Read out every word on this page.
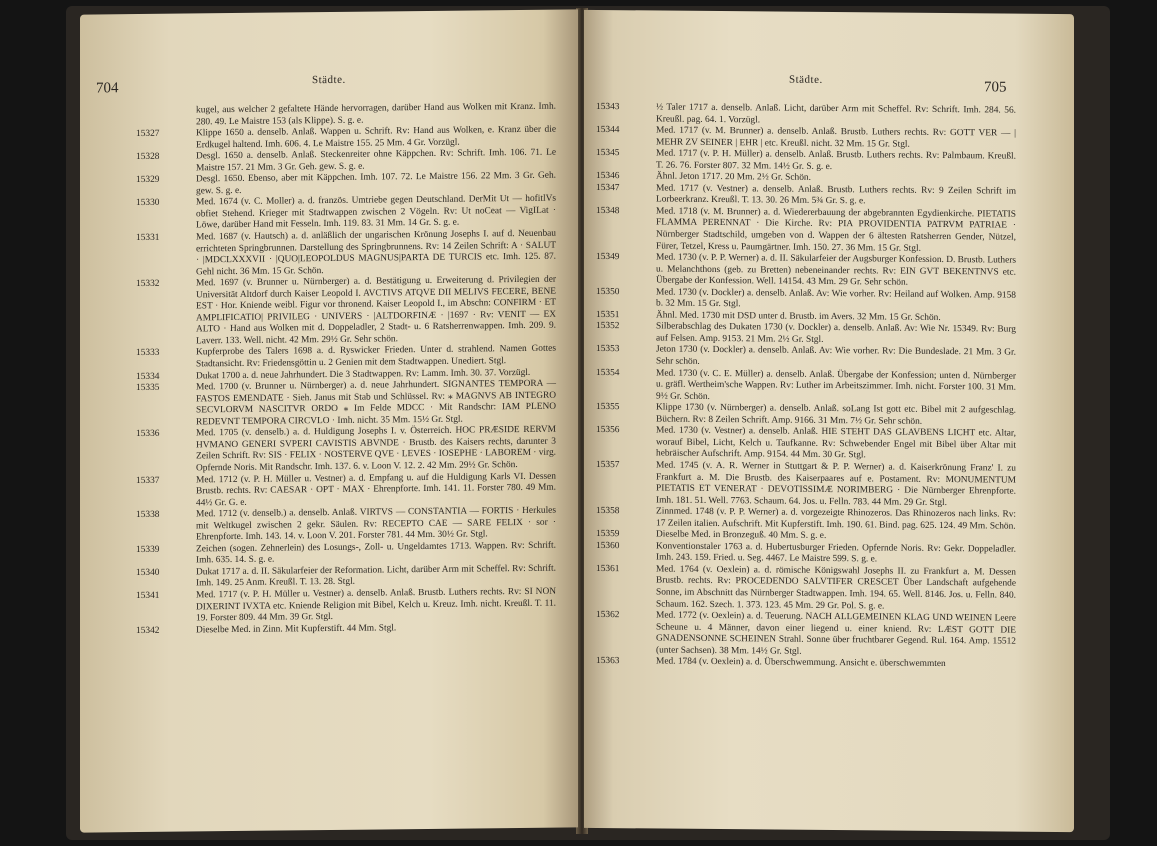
704
Städte.

kugel, aus welcher 2 gefaltete Hände hervorragen, darüber Hand aus Wolken mit Kranz. Imh. 280. 49. Le Maistre 153 (als Klippe). S. g. e.

15327	Klippe 1650 a. denselb. Anlaß. Wappen u. Schrift. Rv: Hand aus Wolken, e. Kranz über die Erdkugel haltend. Imh. 606. 4. Le Maistre 155. 25 Mm. 4 Gr. Vorzügl.

15328	Desgl. 1650 a. denselb. Anlaß. Steckenreiter ohne Käppchen. Rv: Schrift. Imh. 106. 71. Le Maistre 157. 21 Mm. 3 Gr. Geh. gew. S. g. e.

15329	Desgl. 1650. Ebenso, aber mit Käppchen. Imh. 107. 72. Le Maistre 156. 22 Mm. 3 Gr. Geh. gew. S. g. e.

15330	Med. 1674 (v. C. Moller) a. d. französ. Umtriebe gegen Deutschland. DerMit Ut — hofitlVs obfiet Stehend. Krieger mit Stadtwappen zwischen 2 Vögeln. Rv: Ut noCeat — VigILat · Löwe, darüber Hand mit Fesseln. Imh. 119. 83. 31 Mm. 14 Gr. S. g. e.

15331	Med. 1687 (v. Hautsch) a. d. anläßlich der ungarischen Krönung Josephs I. auf d. Neuenbau errichteten Springbrunnen. Darstellung des Springbrunnens. Rv: 14 Zeilen Schrift: A · SALUT · |MDCLXXXVII · |QUO|LEOPOLDUS MAGNUS|PARTA DE TURCIS etc. Imh. 125. 87. Gehl nicht. 36 Mm. 15 Gr. Schön.

15332	Med. 1697 (v. Brunner u. Nürnberger) a. d. Bestätigung u. Erweiterung d. Privilegien der Universität Altdorf durch Kaiser Leopold I. AVCTIVS ATQVE DII MELIVS FECERE, BENE EST · Hor. Kniende weibl. Figur vor thronend. Kaiser Leopold I., im Abschn: CONFIRM · ET AMPLIFICATIO| PRIVILEG · UNIVERS · |ALTDORFINÆ · |1697 · Rv: VENIT — EX ALTO · Hand aus Wolken mit d. Doppeladler, 2 Stadt- u. 6 Ratsherrenwappen. Imh. 209. 9. Laverr. 133. Well. nicht. 42 Mm. 29½ Gr. Sehr schön.

15333	Kupferprobe des Talers 1698 a. d. Ryswicker Frieden. Unter d. strahlend. Namen Gottes Stadtansicht. Rv: Friedensgöttin u. 2 Genien mit dem Stadtwappen. Unediert. Stgl.

15334	Dukat 1700 a. d. neue Jahrhundert. Die 3 Stadtwappen. Rv: Lamm. Imh. 30. 37. Vorzügl.

15335	Med. 1700 (v. Brunner u. Nürnberger) a. d. neue Jahrhundert. SIGNANTES TEMPORA — FASTOS EMENDATE · Sieh. Janus mit Stab und Schlüssel. Rv: ⁎ MAGNVS AB INTEGRO SECVLORVM NASCITVR ORDO ⁎ Im Felde MDCC · Mit Randschr: IAM PLENO REDEVNT TEMPORA CIRCVLO · Imh. nicht. 35 Mm. 15½ Gr. Stgl.

15336	Med. 1705 (v. denselb.) a. d. Huldigung Josephs I. v. Österreich. HOC PRÆSIDE RERVM HVMANO GENERI SVPERI CAVISTIS ABVNDE · Brustb. des Kaisers rechts, darunter 3 Zeilen Schrift. Rv: SIS · FELIX · NOSTERVE QVE · LEVES · IOSEPHE · LABOREM · virg. Opfernde Noris. Mit Randschr. Imh. 137. 6. v. Loon V. 12. 2. 42 Mm. 29½ Gr. Schön.

15337	Med. 1712 (v. P. H. Müller u. Vestner) a. d. Empfang u. auf die Huldigung Karls VI. Dessen Brustb. rechts. Rv: CAESAR · OPT · MAX · Ehrenpforte. Imh. 141. 11. Forster 780. 49 Mm. 44½ Gr. G. e.

15338	Med. 1712 (v. denselb.) a. denselb. Anlaß. VIRTVS — CONSTANTIA — FORTIS · Herkules mit Weltkugel zwischen 2 gekr. Säulen. Rv: RECEPTO CAE — SARE FELIX · sor · Ehrenpforte. Imh. 143. 14. v. Loon V. 201. Forster 781. 44 Mm. 30½ Gr. Stgl.

15339	Zeichen (sogen. Zehnerlein) des Losungs-, Zoll- u. Ungeldamtes 1713. Wappen. Rv: Schrift. Imh. 635. 14. S. g. e.

15340	Dukat 1717 a. d. II. Säkularfeier der Reformation. Licht, darüber Arm mit Scheffel. Rv: Schrift. Imh. 149. 25 Anm. Kreußl. T. 13. 28. Stgl.

15341	Med. 1717 (v. P. H. Müller u. Vestner) a. denselb. Anlaß. Brustb. Luthers rechts. Rv: SI NON DIXERINT IVXTA etc. Kniende Religion mit Bibel, Kelch u. Kreuz. Imh. nicht. Kreußl. T. 11. 19. Forster 809. 44 Mm. 39 Gr. Stgl.

15342	Dieselbe Med. in Zinn. Mit Kupferstift. 44 Mm. Stgl.

Städte.	705

15343	½ Taler 1717 a. denselb. Anlaß. Licht, darüber Arm mit Scheffel. Rv: Schrift. Imh. 284. 56. Kreußl. pag. 64. 1. Vorzügl.

15344	Med. 1717 (v. M. Brunner) a. denselb. Anlaß. Brustb. Luthers rechts. Rv: GOTT VER — | MEHR ZV SEINER | EHR | etc. Kreußl. nicht. 32 Mm. 15 Gr. Stgl.

15345	Med. 1717 (v. P. H. Müller) a. denselb. Anlaß. Brustb. Luthers rechts. Rv: Palmbaum. Kreußl. T. 26. 76. Forster 807. 32 Mm. 14½ Gr. S. g. e.

15346	Ähnl. Jeton 1717. 20 Mm. 2½ Gr. Schön.

15347	Med. 1717 (v. Vestner) a. denselb. Anlaß. Brustb. Luthers rechts. Rv: 9 Zeilen Schrift im Lorbeerkranz. Kreußl. T. 13. 30. 26 Mm. 5¾ Gr. S. g. e.

15348	Med. 1718 (v. M. Brunner) a. d. Wiedererbauung der abgebrannten Egydienkirche. PIETATIS FLAMMA PERENNAT · Die Kirche. Rv: PIA PROVIDENTIA PATRVM PATRIAE · Nürnberger Stadtschild, umgeben von d. Wappen der 6 ältesten Ratsherren Gender, Nützel, Fürer, Tetzel, Kress u. Paumgärtner. Imh. 150. 27. 36 Mm. 15 Gr. Stgl.

15349	Med. 1730 (v. P. P. Werner) a. d. II. Säkularfeier der Augsburger Konfession. D. Brustb. Luthers u. Melanchthons (geb. zu Bretten) nebeneinander rechts. Rv: EIN GVT BEKENTNVS etc. Übergabe der Konfession. Well. 14154. 43 Mm. 29 Gr. Sehr schön.

15350	Med. 1730 (v. Dockler) a. denselb. Anlaß. Av: Wie vorher. Rv: Heiland auf Wolken. Amp. 9158 b. 32 Mm. 15 Gr. Stgl.

15351	Ähnl. Med. 1730 mit DSD unter d. Brustb. im Avers. 32 Mm. 15 Gr. Schön.

15352	Silberabschlag des Dukaten 1730 (v. Dockler) a. denselb. Anlaß. Av: Wie Nr. 15349. Rv: Burg auf Felsen. Amp. 9153. 21 Mm. 2½ Gr. Stgl.

15353	Jeton 1730 (v. Dockler) a. denselb. Anlaß. Av: Wie vorher. Rv: Die Bundeslade. 21 Mm. 3 Gr. Sehr schön.

15354	Med. 1730 (v. C. E. Müller) a. denselb. Anlaß. Übergabe der Konfession; unten d. Nürnberger u. gräfl. Wertheim'sche Wappen. Rv: Luther im Arbeitszimmer. Imh. nicht. Forster 100. 31 Mm. 9½ Gr. Schön.

15355	Klippe 1730 (v. Nürnberger) a. denselb. Anlaß. soLang Ist gott etc. Bibel mit 2 aufgeschlag. Büchern. Rv: 8 Zeilen Schrift. Amp. 9166. 31 Mm. 7½ Gr. Sehr schön.

15356	Med. 1730 (v. Vestner) a. denselb. Anlaß. HIE STEHT DAS GLAVBENS LICHT etc. Altar, worauf Bibel, Licht, Kelch u. Taufkanne. Rv: Schwebender Engel mit Bibel über Altar mit hebräischer Aufschrift. Amp. 9154. 44 Mm. 30 Gr. Stgl.

15357	Med. 1745 (v. A. R. Werner in Stuttgart & P. P. Werner) a. d. Kaiserkrönung Franz' I. zu Frankfurt a. M. Die Brustb. des Kaiserpaares auf e. Postament. Rv: MONUMENTUM PIETATIS ET VENERAT · DEVOTISSIMÆ NORIMBERG · Die Nürnberger Ehrenpforte. Imh. 181. 51. Well. 7763. Schaum. 64. Jos. u. Felln. 783. 44 Mm. 29 Gr. Stgl.

15358	Zinnmed. 1748 (v. P. P. Werner) a. d. vorgezeigte Rhinozeros. Das Rhinozeros nach links. Rv: 17 Zeilen italien. Aufschrift. Mit Kupferstift. Imh. 190. 61. Bind. pag. 625. 124. 49 Mm. Schön.

15359	Dieselbe Med. in Bronzeguß. 40 Mm. S. g. e.

15360	Konventionstaler 1763 a. d. Hubertusburger Frieden. Opfernde Noris. Rv: Gekr. Doppeladler. Imh. 243. 159. Fried. u. Seg. 4467. Le Maistre 599. S. g. e.

15361	Med. 1764 (v. Oexlein) a. d. römische Königswahl Josephs II. zu Frankfurt a. M. Dessen Brustb. rechts. Rv: PROCEDENDO SALVTIFER CRESCET Über Landschaft aufgehende Sonne, im Abschnitt das Nürnberger Stadtwappen. Imh. 194. 65. Well. 8146. Jos. u. Felln. 840. Schaum. 162. Szech. 1. 373. 123. 45 Mm. 29 Gr. Pol. S. g. e.

15362	Med. 1772 (v. Oexlein) a. d. Teuerung. NACH ALLGEMEINEN KLAG UND WEINEN Leere Scheune u. 4 Männer, davon einer liegend u. einer kniend. Rv: LÆST GOTT DIE GNADENSONNE SCHEINEN Strahl. Sonne über fruchtbarer Gegend. Rul. 164. Amp. 15512 (unter Sachsen). 38 Mm. 14½ Gr. Stgl.

15363	Med. 1784 (v. Oexlein) a. d. Überschwemmung. Ansicht e. überschwemmten
